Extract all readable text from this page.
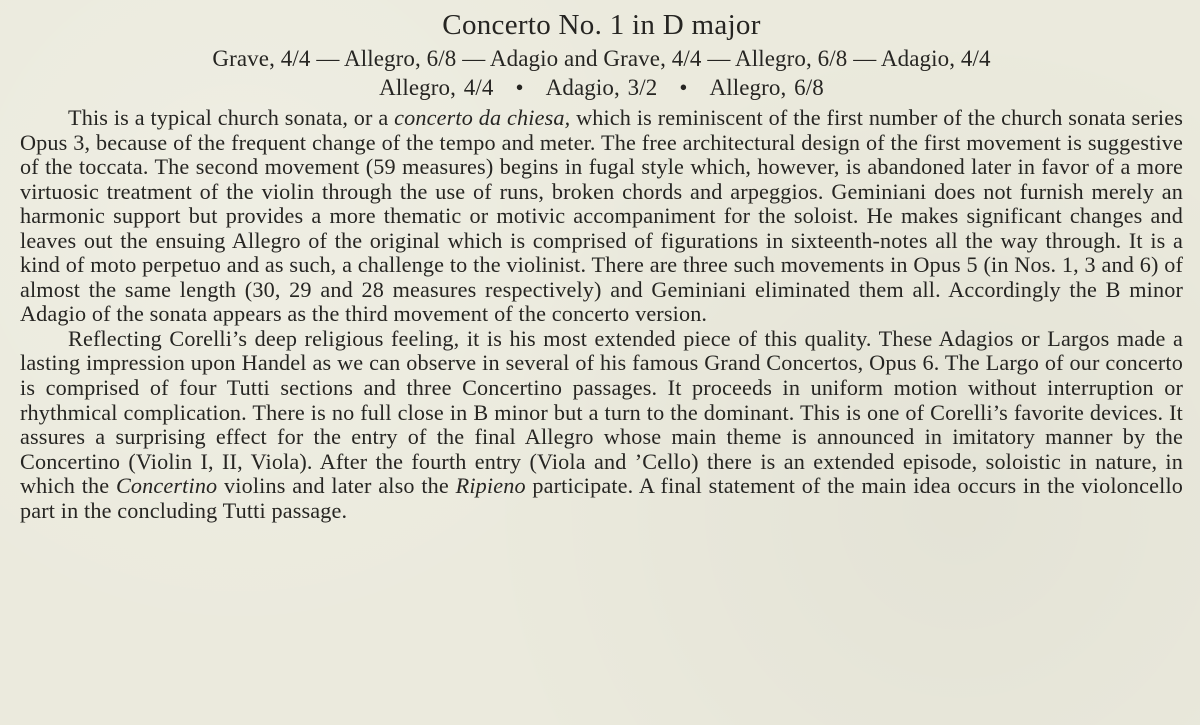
Concerto No. 1 in D major

Grave, 4/4 — Allegro, 6/8 — Adagio and Grave, 4/4 — Allegro, 6/8 — Adagio, 4/4

Allegro, 4/4 • Adagio, 3/2 • Allegro, 6/8

This is a typical church sonata, or a concerto da chiesa, which is reminiscent of the first number of the church sonata series Opus 3, because of the frequent change of the tempo and meter. The free architectural design of the first movement is suggestive of the toccata. The second movement (59 measures) begins in fugal style which, however, is abandoned later in favor of a more virtuosic treatment of the violin through the use of runs, broken chords and arpeggios. Geminiani does not furnish merely an harmonic support but provides a more thematic or motivic accompaniment for the soloist. He makes significant changes and leaves out the ensuing Allegro of the original which is comprised of figurations in sixteenth-notes all the way through. It is a kind of moto perpetuo and as such, a challenge to the violinist. There are three such movements in Opus 5 (in Nos. 1, 3 and 6) of almost the same length (30, 29 and 28 measures respectively) and Geminiani eliminated them all. Accordingly the B minor Adagio of the sonata appears as the third movement of the concerto version.

Reflecting Corelli’s deep religious feeling, it is his most extended piece of this quality. These Adagios or Largos made a lasting impression upon Handel as we can observe in several of his famous Grand Concertos, Opus 6. The Largo of our concerto is comprised of four Tutti sections and three Concertino passages. It proceeds in uniform motion without interruption or rhythmical complication. There is no full close in B minor but a turn to the dominant. This is one of Corelli’s favorite devices. It assures a surprising effect for the entry of the final Allegro whose main theme is announced in imitatory manner by the Concertino (Violin I, II, Viola). After the fourth entry (Viola and ’Cello) there is an extended episode, soloistic in nature, in which the Concertino violins and later also the Ripieno participate. A final statement of the main idea occurs in the violoncello part in the concluding Tutti passage.
